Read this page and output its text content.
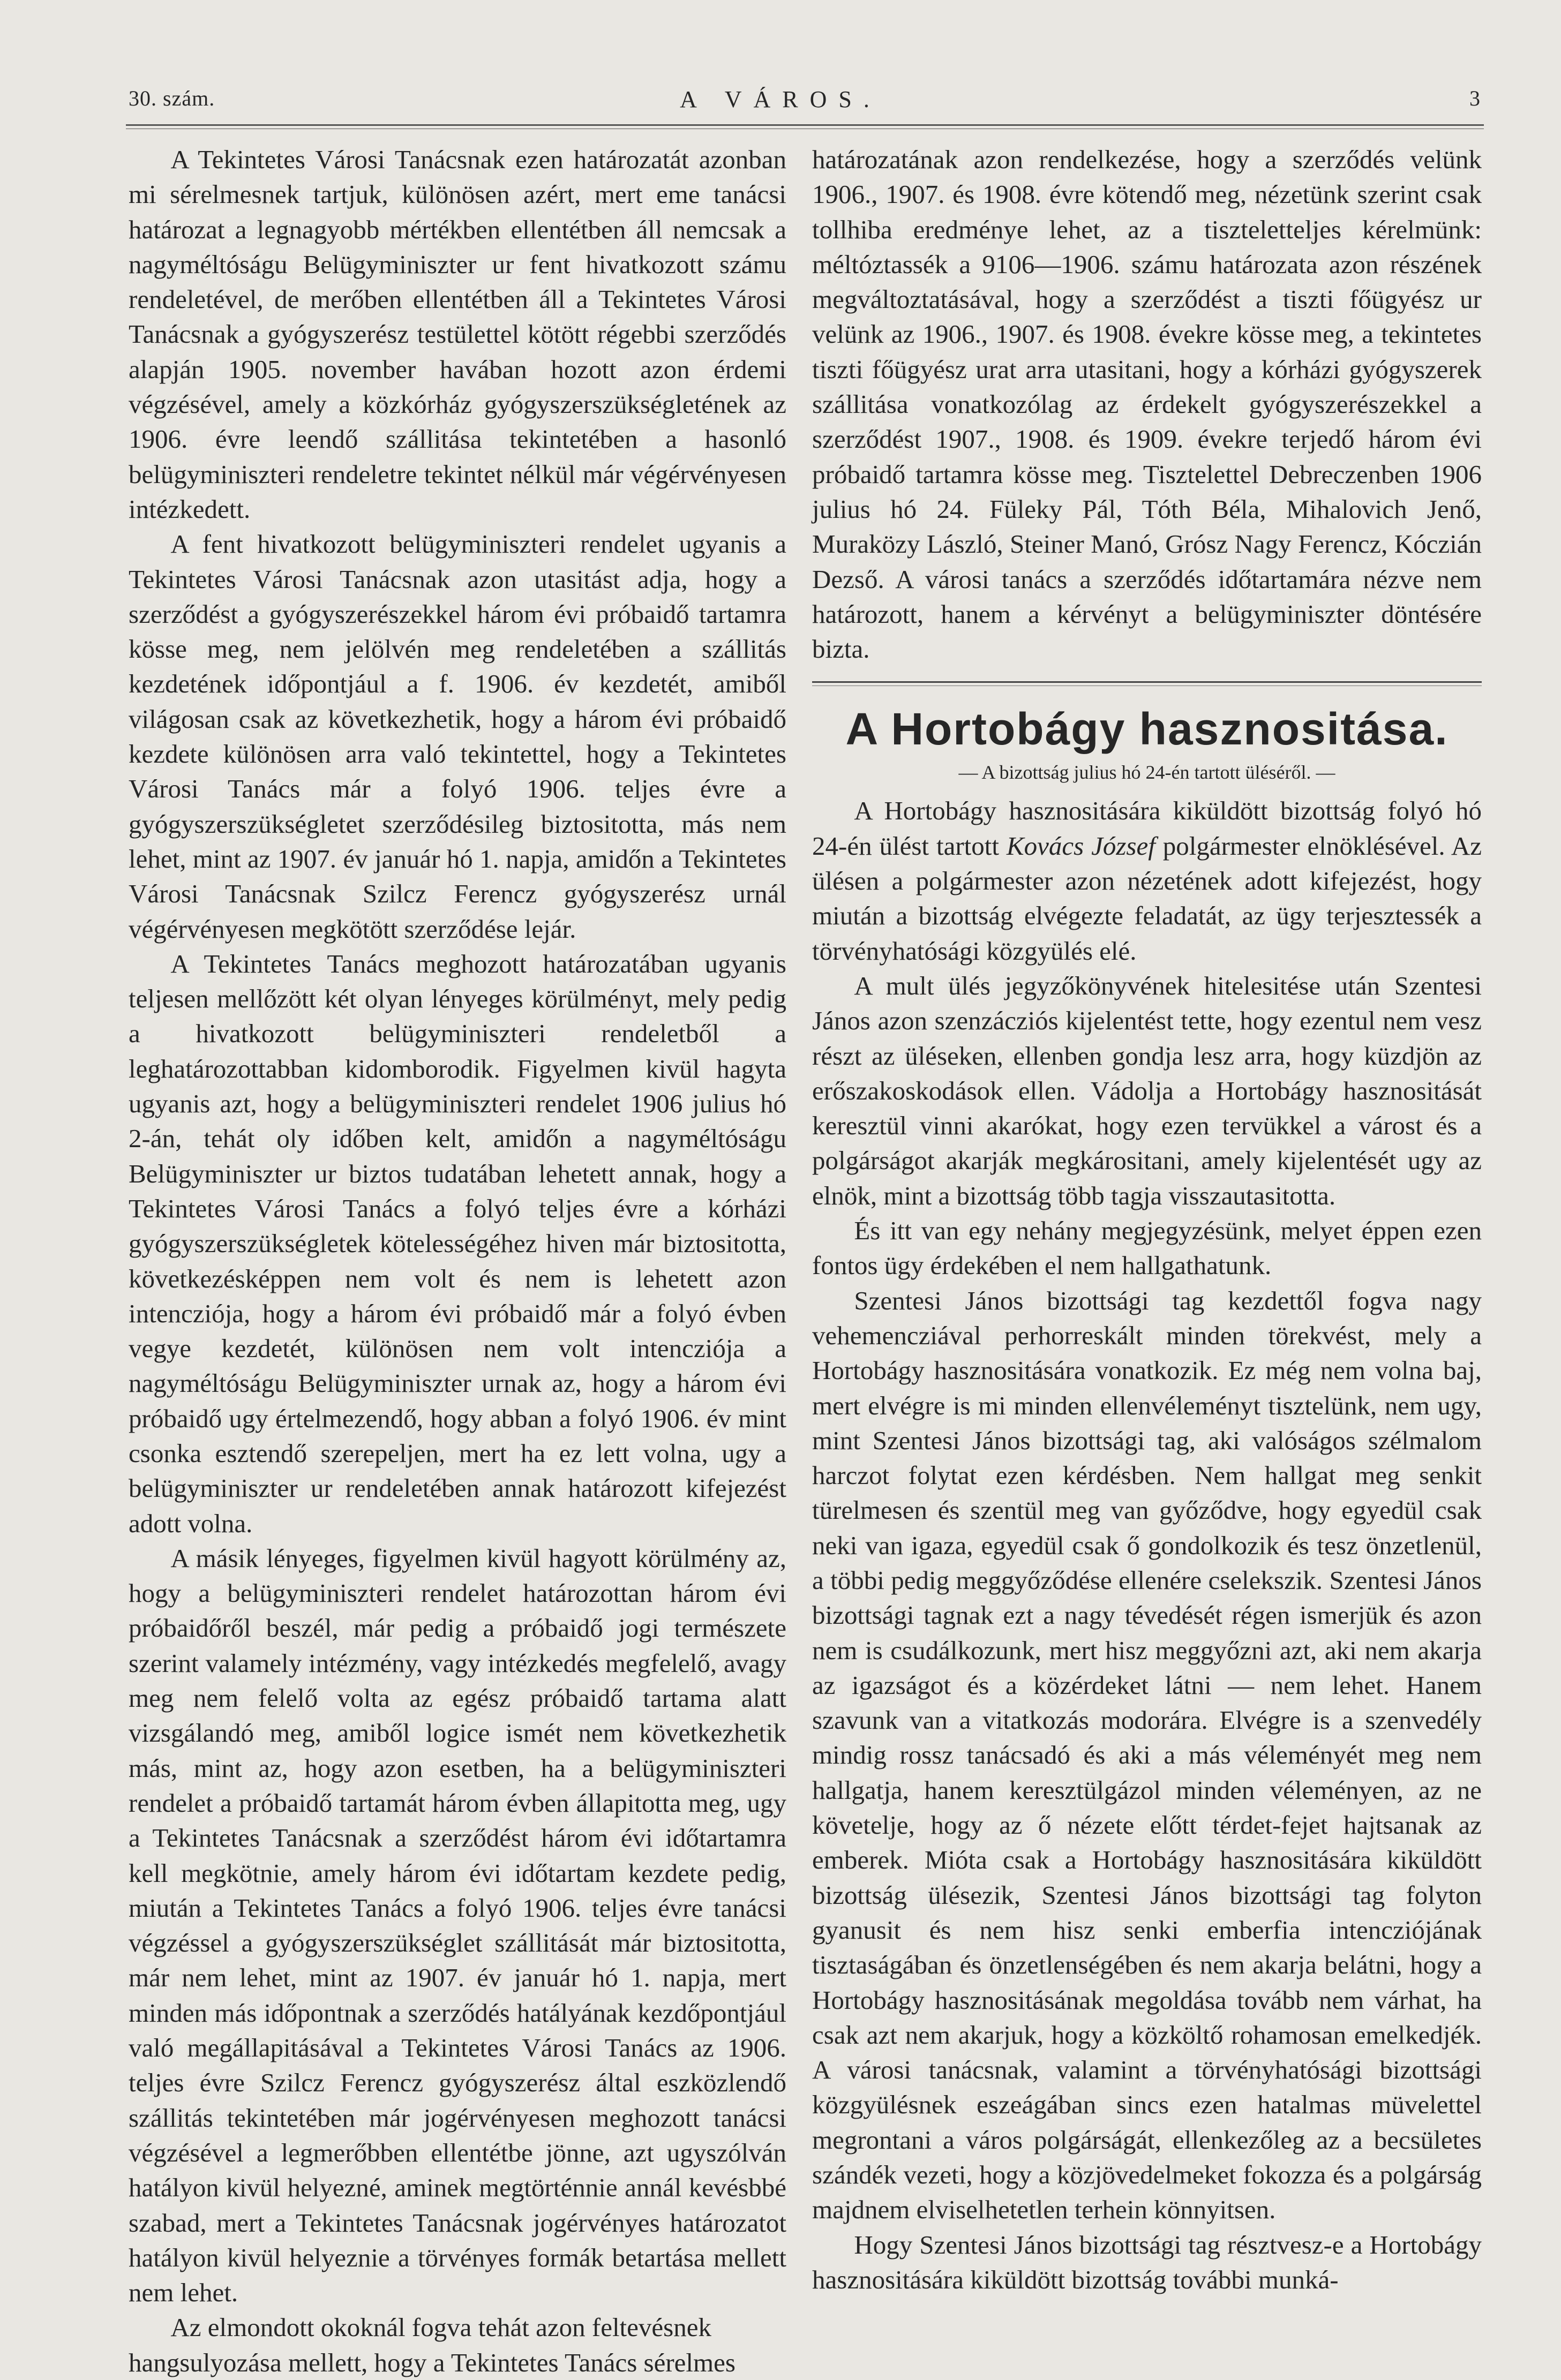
30. szám.	A VÁROS.	3

A Tekintetes Városi Tanácsnak ezen határozatát azonban mi sérelmesnek tartjuk, különösen azért, mert eme tanácsi határozat a legnagyobb mértékben ellentétben áll nemcsak a nagyméltóságu Belügyminiszter ur fent hivatkozott számu rendeletével, de merőben ellentétben áll a Tekintetes Városi Tanácsnak a gyógyszerész testülettel kötött régebbi szerződés alapján 1905. november havában hozott azon érdemi végzésével, amely a közkórház gyógyszerszükségletének az 1906. évre leendő szállitása tekintetében a hasonló belügyminiszteri rendeletre tekintet nélkül már végérvényesen intézkedett.

A fent hivatkozott belügyminiszteri rendelet ugyanis a Tekintetes Városi Tanácsnak azon utasitást adja, hogy a szerződést a gyógyszerészekkel három évi próbaidő tartamra kösse meg, nem jelölvén meg rendeletében a szállitás kezdetének időpontjául a f. 1906. év kezdetét, amiből világosan csak az következhetik, hogy a három évi próbaidő kezdete különösen arra való tekintettel, hogy a Tekintetes Városi Tanács már a folyó 1906. teljes évre a gyógyszerszükségletet szerződésileg biztositotta, más nem lehet, mint az 1907. év január hó 1. napja, amidőn a Tekintetes Városi Tanácsnak Szilcz Ferencz gyógyszerész urnál végérvényesen megkötött szerződése lejár.

A Tekintetes Tanács meghozott határozatában ugyanis teljesen mellőzött két olyan lényeges körülményt, mely pedig a hivatkozott belügyminiszteri rendeletből a leghatározottabban kidomborodik. Figyelmen kivül hagyta ugyanis azt, hogy a belügyminiszteri rendelet 1906 julius hó 2-án, tehát oly időben kelt, amidőn a nagyméltóságu Belügyminiszter ur biztos tudatában lehetett annak, hogy a Tekintetes Városi Tanács a folyó teljes évre a kórházi gyógyszerszükségletek kötelességéhez hiven már biztositotta, következésképpen nem volt és nem is lehetett azon intencziója, hogy a három évi próbaidő már a folyó évben vegye kezdetét, különösen nem volt intencziója a nagyméltóságu Belügyminiszter urnak az, hogy a három évi próbaidő ugy értelmezendő, hogy abban a folyó 1906. év mint csonka esztendő szerepeljen, mert ha ez lett volna, ugy a belügyminiszter ur rendeletében annak határozott kifejezést adott volna.

A másik lényeges, figyelmen kivül hagyott körülmény az, hogy a belügyminiszteri rendelet határozottan három évi próbaidőről beszél, már pedig a próbaidő jogi természete szerint valamely intézmény, vagy intézkedés megfelelő, avagy meg nem felelő volta az egész próbaidő tartama alatt vizsgálandó meg, amiből logice ismét nem következhetik más, mint az, hogy azon esetben, ha a belügyminiszteri rendelet a próbaidő tartamát három évben állapitotta meg, ugy a Tekintetes Tanácsnak a szerződést három évi időtartamra kell megkötnie, amely három évi időtartam kezdete pedig, miután a Tekintetes Tanács a folyó 1906. teljes évre tanácsi végzéssel a gyógyszerszükséglet szállitását már biztositotta, már nem lehet, mint az 1907. év január hó 1. napja, mert minden más időpontnak a szerződés hatályának kezdőpontjául való megállapitásával a Tekintetes Városi Tanács az 1906. teljes évre Szilcz Ferencz gyógyszerész által eszközlendő szállitás tekintetében már jogérvényesen meghozott tanácsi végzésével a legmerőbben ellentétbe jönne, azt ugyszólván hatályon kivül helyezné, aminek megtörténnie annál kevésbbé szabad, mert a Tekintetes Tanácsnak jogérvényes határozatot hatályon kivül helyeznie a törvényes formák betartása mellett nem lehet.

Az elmondott okoknál fogva tehát azon feltevésnek hangsulyozása mellett, hogy a Tekintetes Tanács sérelmes

határozatának azon rendelkezése, hogy a szerződés velünk 1906., 1907. és 1908. évre kötendő meg, nézetünk szerint csak tollhiba eredménye lehet, az a tiszteletteljes kérelmünk: méltóztassék a 9106—1906. számu határozata azon részének megváltoztatásával, hogy a szerződést a tiszti főügyész ur velünk az 1906., 1907. és 1908. évekre kösse meg, a tekintetes tiszti főügyész urat arra utasitani, hogy a kórházi gyógyszerek szállitása vonatkozólag az érdekelt gyógyszerészekkel a szerződést 1907., 1908. és 1909. évekre terjedő három évi próbaidő tartamra kösse meg. Tisztelettel Debreczenben 1906 julius hó 24. Füleky Pál, Tóth Béla, Mihalovich Jenő, Muraközy László, Steiner Manó, Grósz Nagy Ferencz, Kóczián Dezső. A városi tanács a szerződés időtartamára nézve nem határozott, hanem a kérvényt a belügyminiszter döntésére bizta.

A Hortobágy hasznositása.

— A bizottság julius hó 24-én tartott üléséről. —

A Hortobágy hasznositására kiküldött bizottság folyó hó 24-én ülést tartott Kovács József polgármester elnöklésével. Az ülésen a polgármester azon nézetének adott kifejezést, hogy miután a bizottság elvégezte feladatát, az ügy terjesztessék a törvényhatósági közgyülés elé.

A mult ülés jegyzőkönyvének hitelesitése után Szentesi János azon szenzácziós kijelentést tette, hogy ezentul nem vesz részt az üléseken, ellenben gondja lesz arra, hogy küzdjön az erőszakoskodások ellen. Vádolja a Hortobágy hasznositását keresztül vinni akarókat, hogy ezen tervükkel a várost és a polgárságot akarják megkárositani, amely kijelentését ugy az elnök, mint a bizottság több tagja visszautasitotta.

És itt van egy nehány megjegyzésünk, melyet éppen ezen fontos ügy érdekében el nem hallgathatunk.

Szentesi János bizottsági tag kezdettől fogva nagy vehemencziával perhorreskált minden törekvést, mely a Hortobágy hasznositására vonatkozik. Ez még nem volna baj, mert elvégre is mi minden ellenvéleményt tisztelünk, nem ugy, mint Szentesi János bizottsági tag, aki valóságos szélmalom harczot folytat ezen kérdésben. Nem hallgat meg senkit türelmesen és szentül meg van győződve, hogy egyedül csak neki van igaza, egyedül csak ő gondolkozik és tesz önzetlenül, a többi pedig meggyőződése ellenére cselekszik. Szentesi János bizottsági tagnak ezt a nagy tévedését régen ismerjük és azon nem is csudálkozunk, mert hisz meggyőzni azt, aki nem akarja az igazságot és a közérdeket látni — nem lehet. Hanem szavunk van a vitatkozás modorára. Elvégre is a szenvedély mindig rossz tanácsadó és aki a más véleményét meg nem hallgatja, hanem keresztülgázol minden véleményen, az ne követelje, hogy az ő nézete előtt térdet-fejet hajtsanak az emberek. Mióta csak a Hortobágy hasznositására kiküldött bizottság ülésezik, Szentesi János bizottsági tag folyton gyanusit és nem hisz senki emberfia intencziójának tisztaságában és önzetlenségében és nem akarja belátni, hogy a Hortobágy hasznositásának megoldása tovább nem várhat, ha csak azt nem akarjuk, hogy a közköltő rohamosan emelkedjék. A városi tanácsnak, valamint a törvényhatósági bizottsági közgyülésnek eszeágában sincs ezen hatalmas müvelettel megrontani a város polgárságát, ellenkezőleg az a becsületes szándék vezeti, hogy a közjövedelmeket fokozza és a polgárság majdnem elviselhetetlen terhein könnyitsen.

Hogy Szentesi János bizottsági tag résztvesz-e a Hortobágy hasznositására kiküldött bizottság további munká-
